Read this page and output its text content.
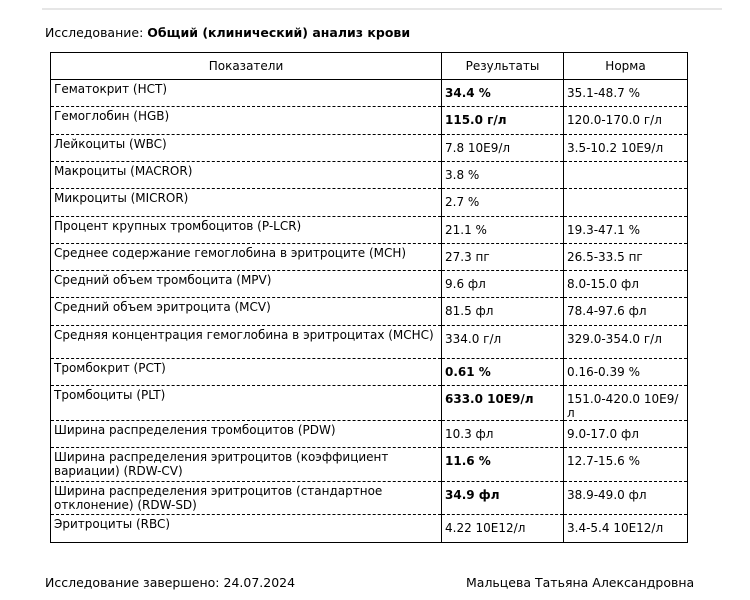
Исследование: Общий (клинический) анализ крови
Показатели	Результаты	Норма
Гематокрит (HCT)	34.4 %	35.1-48.7 %
Гемоглобин (HGB)	115.0 г/л	120.0-170.0 г/л
Лейкоциты (WBC)	7.8 10E9/л	3.5-10.2 10E9/л
Макроциты (MACROR)	3.8 %	
Микроциты (MICROR)	2.7 %	
Процент крупных тромбоцитов (P-LCR)	21.1 %	19.3-47.1 %
Среднее содержание гемоглобина в эритроците (MCH)	27.3 пг	26.5-33.5 пг
Средний объем тромбоцита (MPV)	9.6 фл	8.0-15.0 фл
Средний объем эритроцита (MCV)	81.5 фл	78.4-97.6 фл
Средняя концентрация гемоглобина в эритроцитах (MCHC)	334.0 г/л	329.0-354.0 г/л
Тромбокрит (PCT)	0.61 %	0.16-0.39 %
Тромбоциты (PLT)	633.0 10E9/л	151.0-420.0 10E9/л
Ширина распределения тромбоцитов (PDW)	10.3 фл	9.0-17.0 фл
Ширина распределения эритроцитов (коэффициент вариации) (RDW-CV)	11.6 %	12.7-15.6 %
Ширина распределения эритроцитов (стандартное отклонение) (RDW-SD)	34.9 фл	38.9-49.0 фл
Эритроциты (RBC)	4.22 10E12/л	3.4-5.4 10E12/л
Исследование завершено: 24.07.2024	Мальцева Татьяна Александровна
